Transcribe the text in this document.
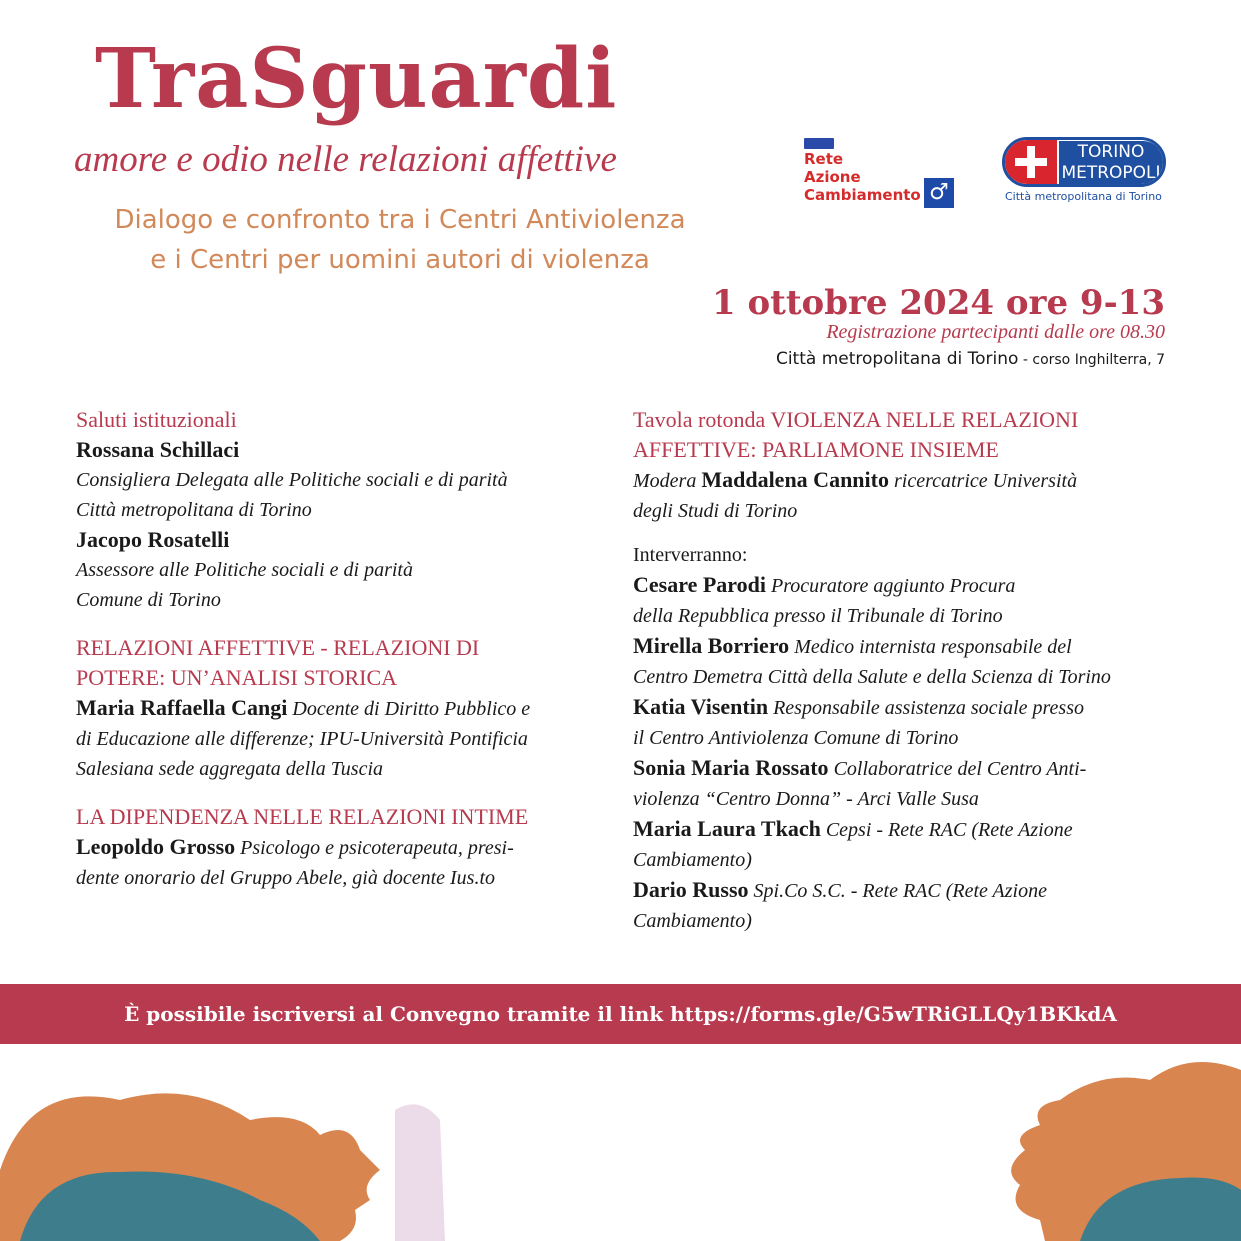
TraSguardi
amore e odio nelle relazioni affettive
Dialogo e confronto tra i Centri Antiviolenza
e i Centri per uomini autori di violenza
Rete
Azione
Cambiamento ♂
TORINO
METROPOLI
Città metropolitana di Torino
1 ottobre 2024 ore 9-13
Registrazione partecipanti dalle ore 08.30
Città metropolitana di Torino - corso Inghilterra, 7
Saluti istituzionali
Rossana Schillaci
Consigliera Delegata alle Politiche sociali e di parità
Città metropolitana di Torino
Jacopo Rosatelli
Assessore alle Politiche sociali e di parità
Comune di Torino
RELAZIONI AFFETTIVE - RELAZIONI DI
POTERE: UN’ANALISI STORICA
Maria Raffaella Cangi Docente di Diritto Pubblico e
di Educazione alle differenze; IPU-Università Pontificia
Salesiana sede aggregata della Tuscia
LA DIPENDENZA NELLE RELAZIONI INTIME
Leopoldo Grosso Psicologo e psicoterapeuta, presi-
dente onorario del Gruppo Abele, già docente Ius.to
Tavola rotonda VIOLENZA NELLE RELAZIONI
AFFETTIVE: PARLIAMONE INSIEME
Modera Maddalena Cannito ricercatrice Università
degli Studi di Torino
Interverranno:
Cesare Parodi Procuratore aggiunto Procura
della Repubblica presso il Tribunale di Torino
Mirella Borriero Medico internista responsabile del
Centro Demetra Città della Salute e della Scienza di Torino
Katia Visentin Responsabile assistenza sociale presso
il Centro Antiviolenza Comune di Torino
Sonia Maria Rossato Collaboratrice del Centro Anti-
violenza “Centro Donna” - Arci Valle Susa
Maria Laura Tkach Cepsi - Rete RAC (Rete Azione
Cambiamento)
Dario Russo Spi.Co S.C. - Rete RAC (Rete Azione
Cambiamento)
È possibile iscriversi al Convegno tramite il link https://forms.gle/G5wTRiGLLQy1BKkdA
